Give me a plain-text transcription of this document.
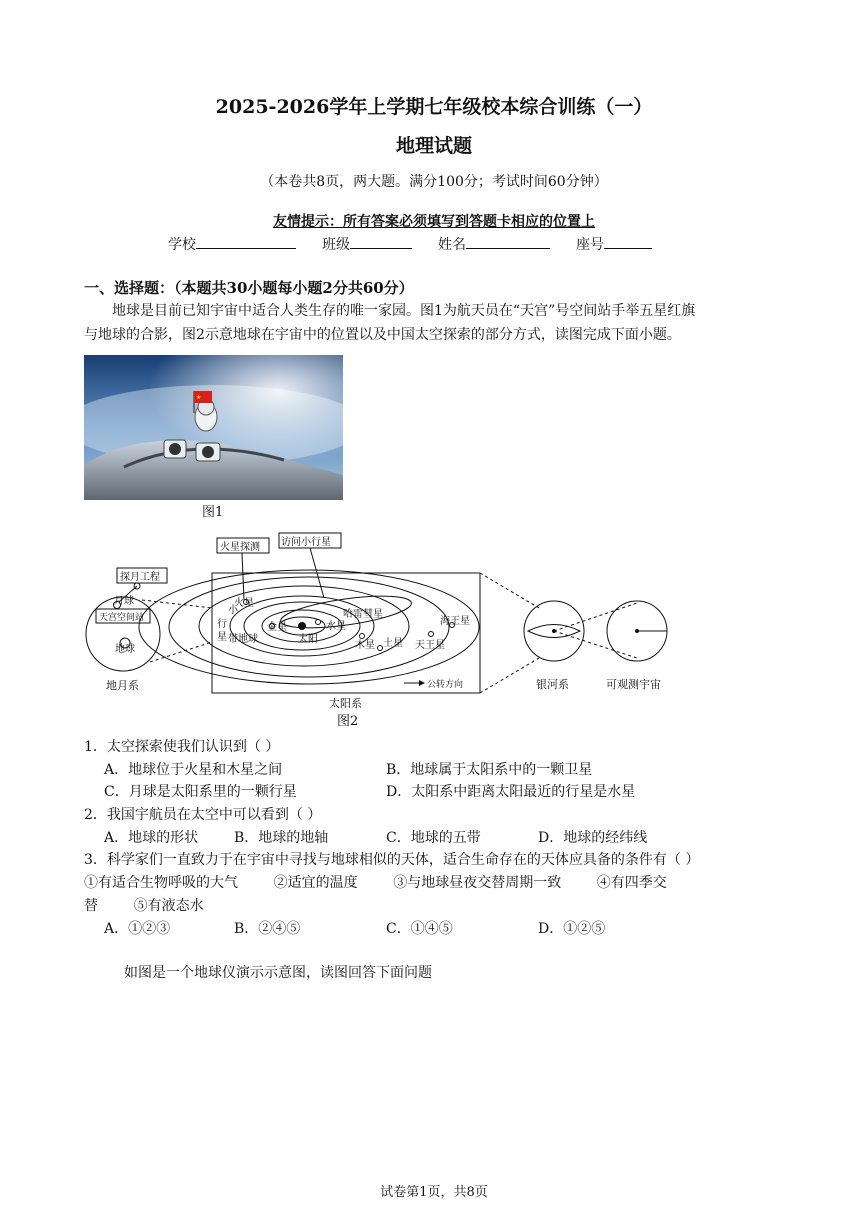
2025-2026学年上学期七年级校本综合训练（一）
地理试题
（本卷共8页，两大题。满分100分；考试时间60分钟）
友情提示：所有答案必须填写到答题卡相应的位置上
学校	班级	姓名	座号
一、选择题：（本题共30小题每小题2分共60分）
地球是目前已知宇宙中适合人类生存的唯一家园。图1为航天员在“天宫”号空间站手举五星红旗
与地球的合影，图2示意地球在宇宙中的位置以及中国太空探索的部分方式，读图完成下面小题。
★
图1
探月工程
月球
天宫空间站
地球
火星探测 访问小行星
小
火星
哈雷彗星
行	金星	水星
星 带 地球	太阳
木星 土星 天王星
海王星
公转方向
地月系
太阳系
银河系	可观测宇宙
图2
1．太空探索使我们认识到（ ）
A．地球位于火星和木星之间	B．地球属于太阳系中的一颗卫星
C．月球是太阳系里的一颗行星	D．太阳系中距离太阳最近的行星是水星
2．我国宇航员在太空中可以看到（ ）
A．地球的形状	B．地球的地轴	C．地球的五带	D．地球的经纬线
3．科学家们一直致力于在宇宙中寻找与地球相似的天体，适合生命存在的天体应具备的条件有（ ）
①有适合生物呼吸的大气        ②适宜的温度        ③与地球昼夜交替周期一致        ④有四季交
替        ⑤有液态水
A．①②③	B．②④⑤	C．①④⑤	D．①②⑤
如图是一个地球仪演示示意图，读图回答下面问题
试卷第1页，共8页
